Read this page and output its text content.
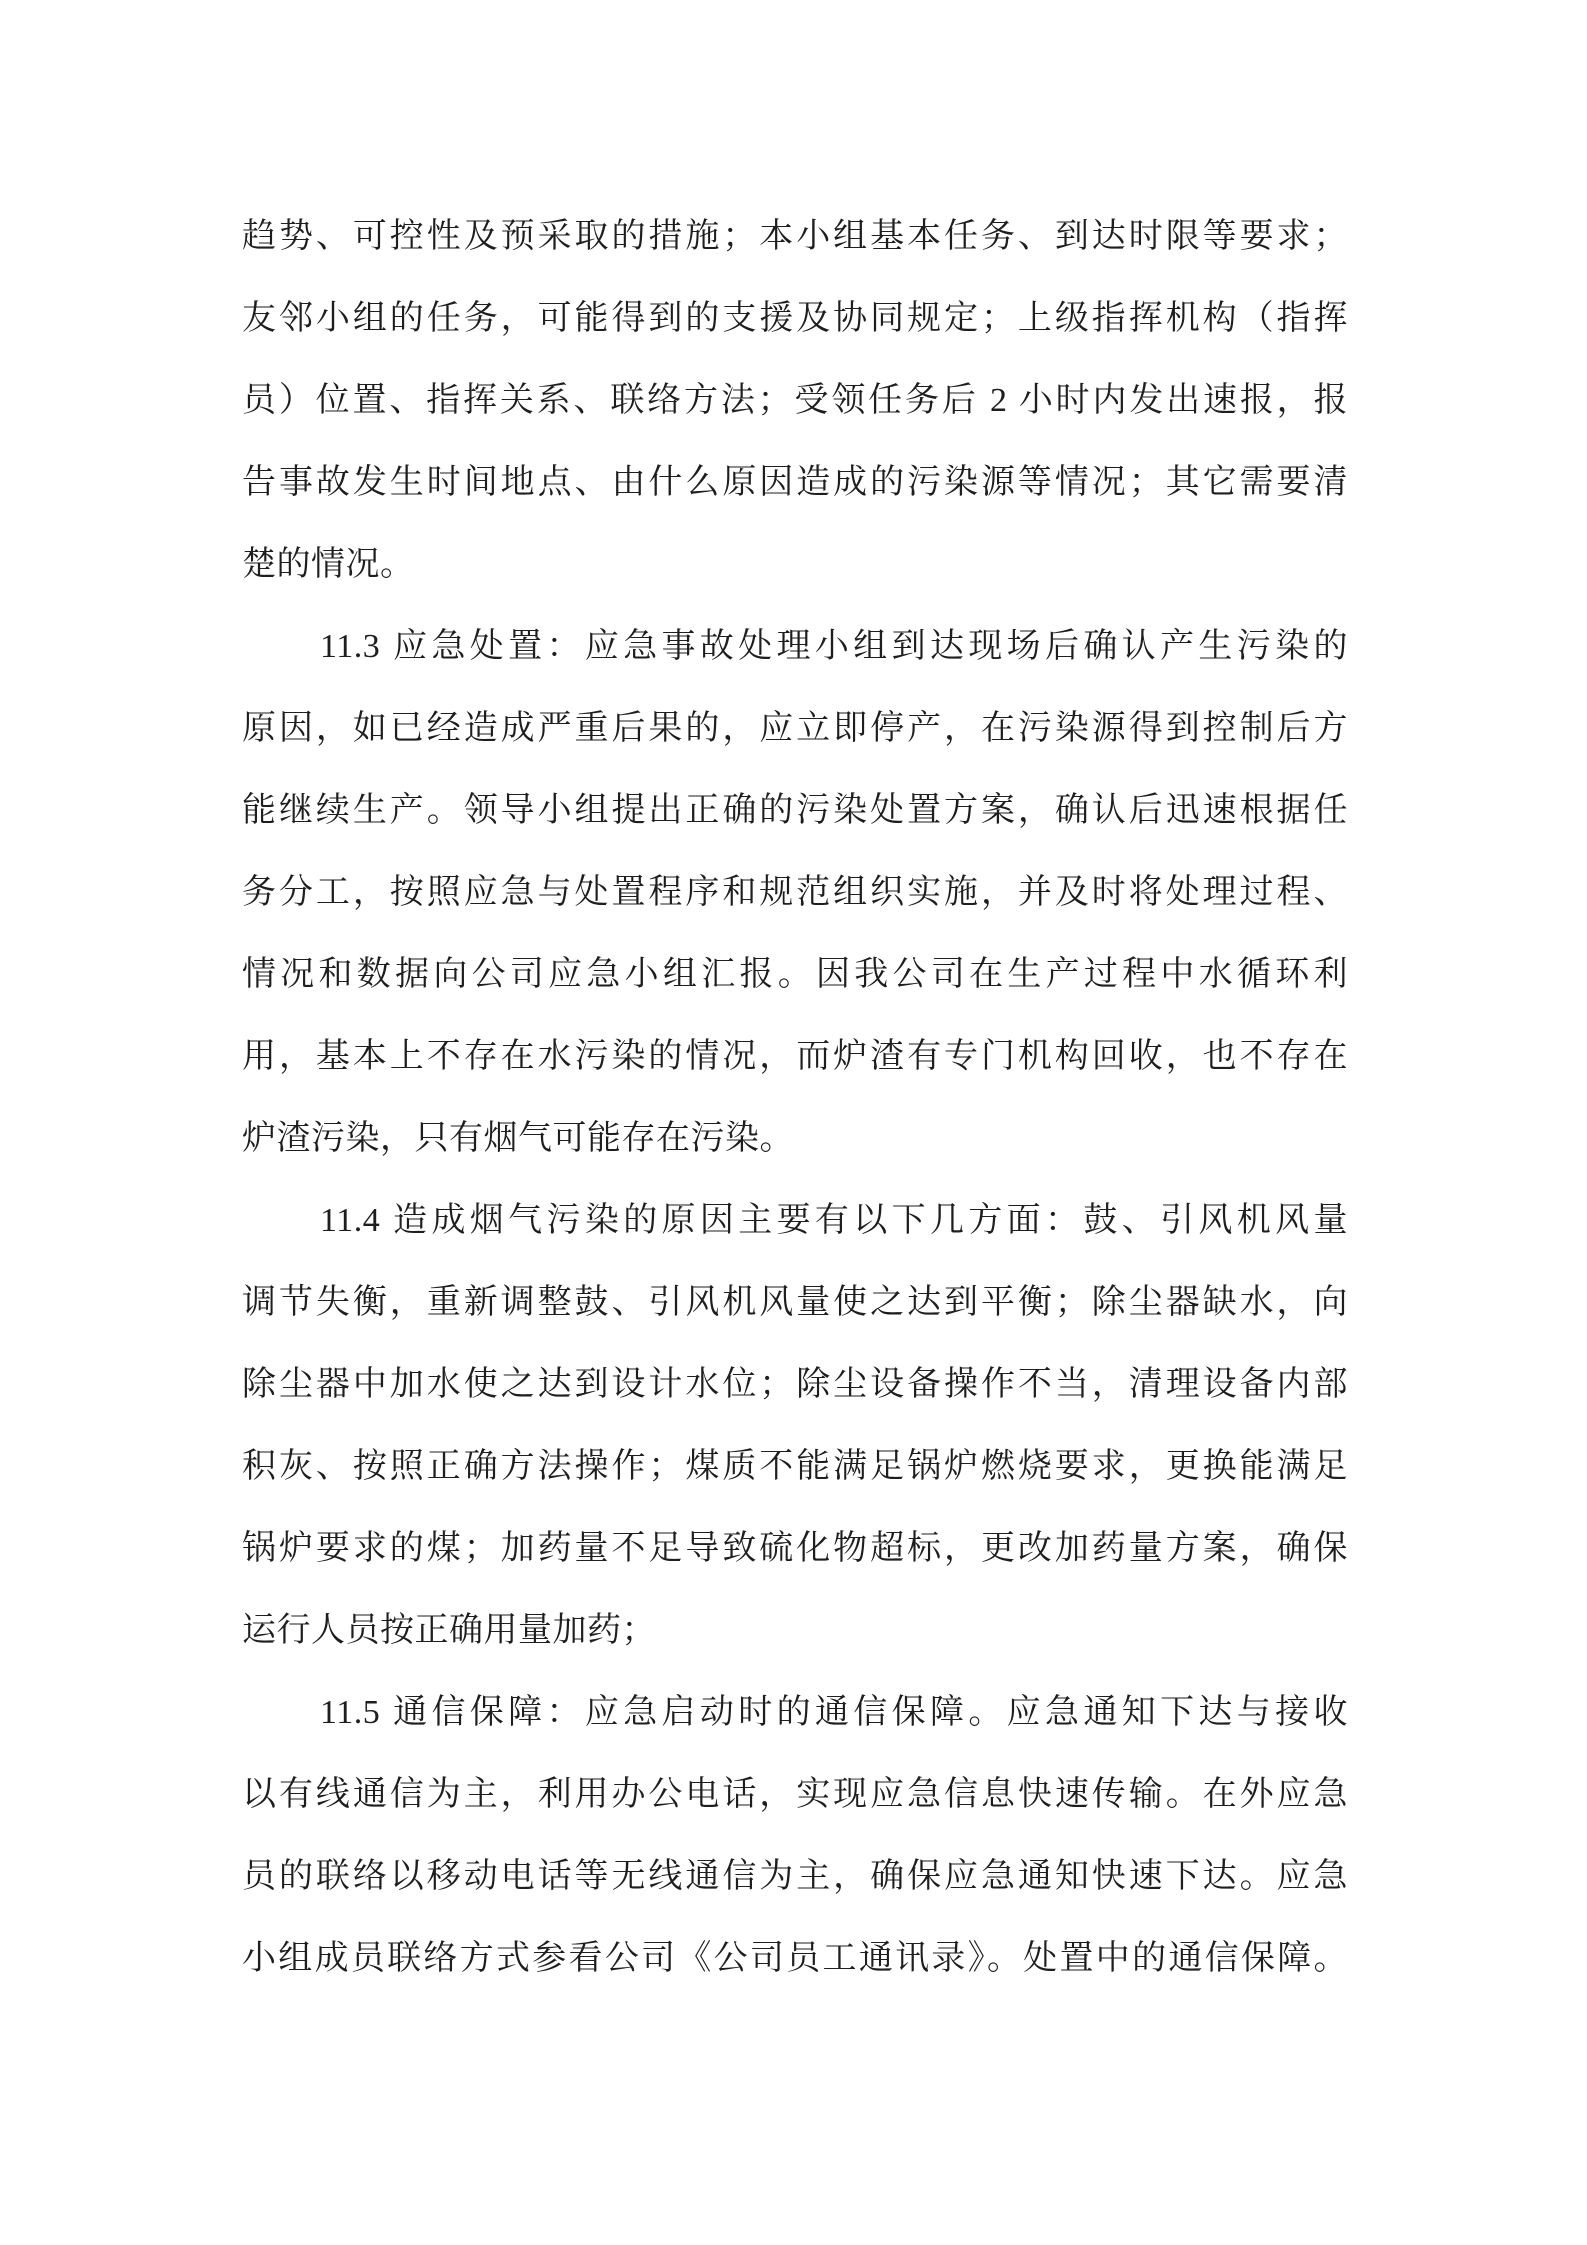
趋势、可控性及预采取的措施；本小组基本任务、到达时限等要求；
友邻小组的任务，可能得到的支援及协同规定；上级指挥机构（指挥
员）位置、指挥关系、联络方法；受领任务后 2 小时内发出速报，报
告事故发生时间地点、由什么原因造成的污染源等情况；其它需要清
楚的情况。
11.3 应急处置：应急事故处理小组到达现场后确认产生污染的
原因，如已经造成严重后果的，应立即停产，在污染源得到控制后方
能继续生产。领导小组提出正确的污染处置方案，确认后迅速根据任
务分工，按照应急与处置程序和规范组织实施，并及时将处理过程、
情况和数据向公司应急小组汇报。因我公司在生产过程中水循环利
用，基本上不存在水污染的情况，而炉渣有专门机构回收，也不存在
炉渣污染，只有烟气可能存在污染。
11.4 造成烟气污染的原因主要有以下几方面：鼓、引风机风量
调节失衡，重新调整鼓、引风机风量使之达到平衡；除尘器缺水，向
除尘器中加水使之达到设计水位；除尘设备操作不当，清理设备内部
积灰、按照正确方法操作；煤质不能满足锅炉燃烧要求，更换能满足
锅炉要求的煤；加药量不足导致硫化物超标，更改加药量方案，确保
运行人员按正确用量加药；
11.5 通信保障：应急启动时的通信保障。应急通知下达与接收
以有线通信为主，利用办公电话，实现应急信息快速传输。在外应急
员的联络以移动电话等无线通信为主，确保应急通知快速下达。应急
小组成员联络方式参看公司《公司员工通讯录》。处置中的通信保障。
